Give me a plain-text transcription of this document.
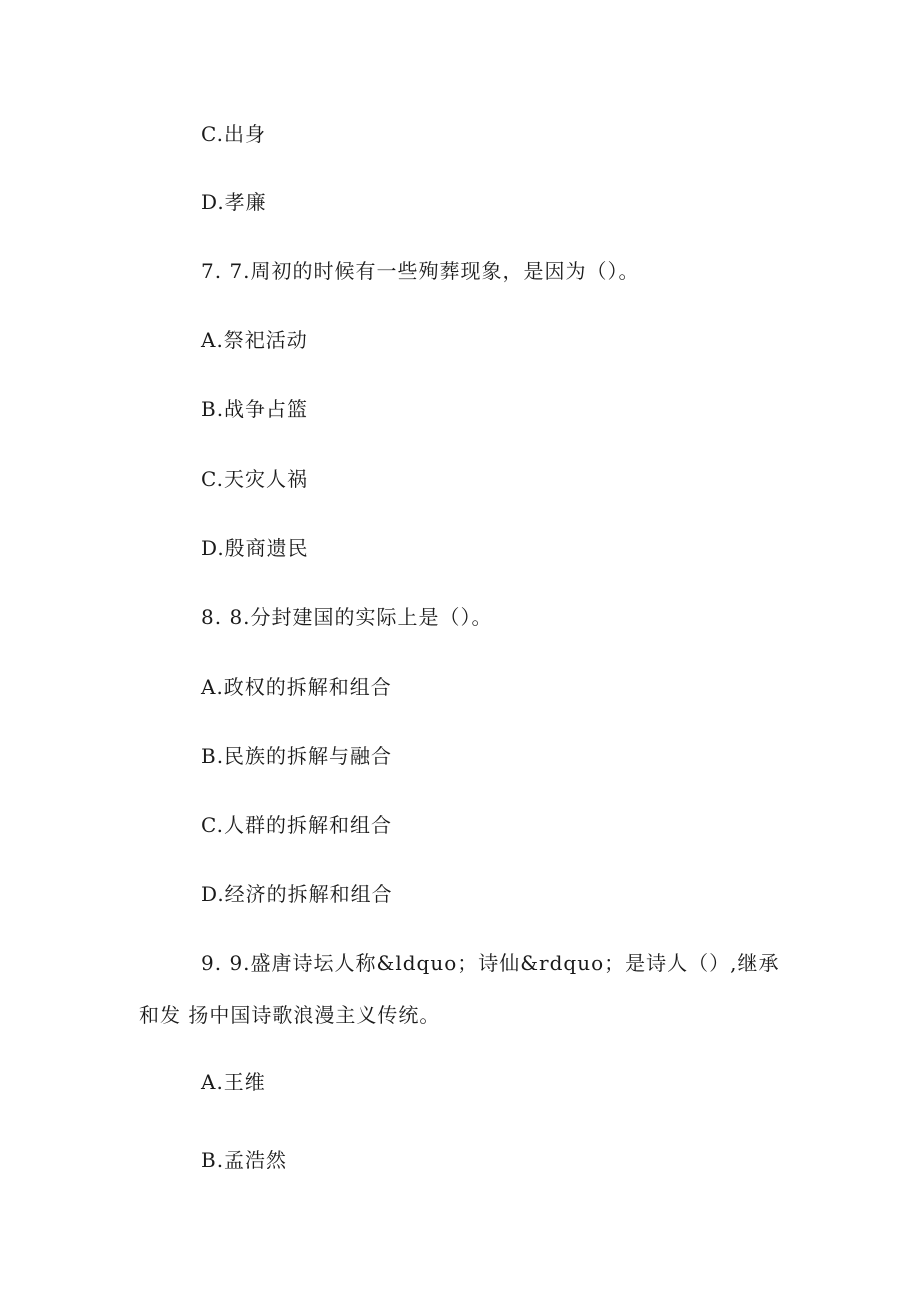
C.出身
D.孝廉
7. 7.周初的时候有一些殉葬现象，是因为（）。
A.祭祀活动
B.战争占篮
C.天灾人祸
D.殷商遗民
8. 8.分封建国的实际上是（）。
A.政权的拆解和组合
B.民族的拆解与融合
C.人群的拆解和组合
D.经济的拆解和组合
9. 9.盛唐诗坛人称&ldquo；诗仙&rdquo；是诗人（）,继承
和发 扬中国诗歌浪漫主义传统。
A.王维
B.孟浩然
